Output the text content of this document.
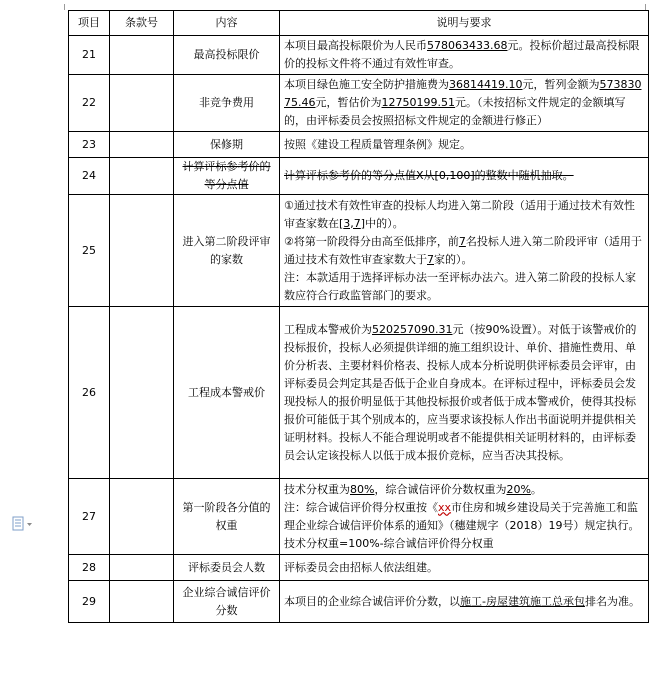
项目	条款号	内容	说明与要求
21		最高投标限价	本项目最高投标限价为人民币578063433.68元。投标价超过最高投标限价的投标文件将不通过有效性审查。
22		非竞争费用	本项目绿色施工安全防护措施费为36814419.10元，暂列金额为57383075.46元，暂估价为12750199.51元。（未按招标文件规定的金额填写的，由评标委员会按照招标文件规定的金额进行修正）
23		保修期	按照《建设工程质量管理条例》规定。
24		计算评标参考价的等分点值	计算评标参考价的等分点值X从[0,100]的整数中随机抽取。
25		进入第二阶段评审的家数	①通过技术有效性审查的投标人均进入第二阶段（适用于通过技术有效性审查家数在[3,7]中的）。
②将第一阶段得分由高至低排序，前7名投标人进入第二阶段评审（适用于通过技术有效性审查家数大于7家的）。
注：本款适用于选择评标办法一至评标办法六。进入第二阶段的投标人家数应符合行政监管部门的要求。

26		工程成本警戒价	工程成本警戒价为520257090.31元（按90%设置）。对低于该警戒价的投标报价，投标人必须提供详细的施工组织设计、单价、措施性费用、单价分析表、主要材料价格表、投标人成本分析说明供评标委员会评审，由评标委员会判定其是否低于企业自身成本。在评标过程中，评标委员会发现投标人的报价明显低于其他投标报价或者低于成本警戒价，使得其投标报价可能低于其个别成本的，应当要求该投标人作出书面说明并提供相关证明材料。投标人不能合理说明或者不能提供相关证明材料的，由评标委员会认定该投标人以低于成本报价竞标，应当否决其投标。
27		第一阶段各分值的权重	技术分权重为80%，综合诚信评价分数权重为20%。
注：综合诚信评价得分权重按《xx市住房和城乡建设局关于完善施工和监理企业综合诚信评价体系的通知》（穗建规字（2018）19号）规定执行。技术分权重=100%-综合诚信评价得分权重

28		评标委员会人数	评标委员会由招标人依法组建。
29		企业综合诚信评价分数	本项目的企业综合诚信评价分数，以施工-房屋建筑施工总承包排名为准。
